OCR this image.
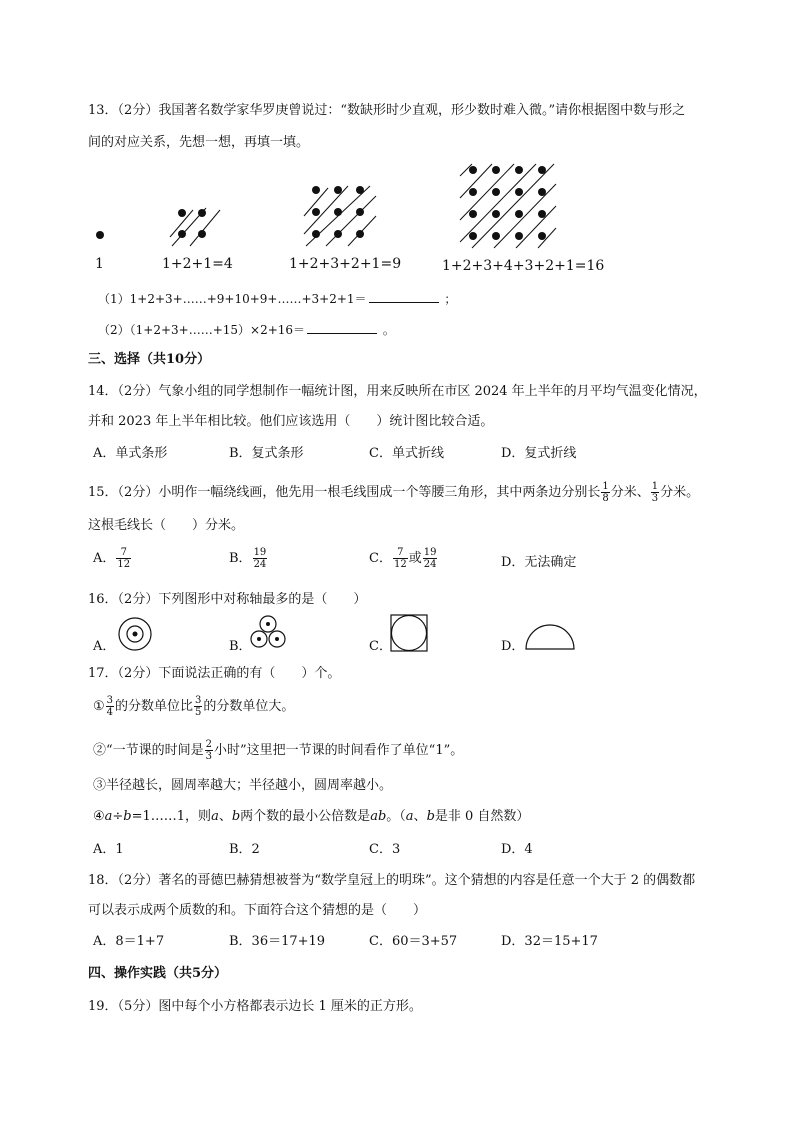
13．（2分）我国著名数学家华罗庚曾说过：“数缺形时少直观，形少数时难入微。”请你根据图中数与形之
间的对应关系，先想一想，再填一填。
1	1+2+1=4	1+2+3+2+1=9	1+2+3+4+3+2+1=16
（1）1+2+3+……+9+10+9+……+3+2+1＝	；
（2）（1+2+3+……+15）×2+16＝	。
三、选择（共10分）
14．（2分）气象小组的同学想制作一幅统计图，用来反映所在市区 2024 年上半年的月平均气温变化情况，
并和 2023 年上半年相比较。他们应该选用（　　）统计图比较合适。
A．单式条形	B．复式条形	C．单式折线	D．复式折线
15．（2分）小明作一幅绕线画，他先用一根毛线围成一个等腰三角形，其中两条边分别长 $\frac{1}{8}$ 分米、 $\frac{1}{3}$ 分米。
这根毛线长（　　）分米。
A． $\frac{7}{12}$	B． $\frac{19}{24}$	C． $\frac{7}{12}$ 或 $\frac{19}{24}$	D．无法确定
16．（2分）下列图形中对称轴最多的是（　　）
A．	B．	C．	D．
17．（2分）下面说法正确的有（　　）个。
① $\frac{3}{4}$ 的分数单位比 $\frac{3}{5}$ 的分数单位大。
②“一节课的时间是 $\frac{2}{3}$ 小时”这里把一节课的时间看作了单位“1”。
③半径越长，圆周率越大；半径越小，圆周率越小。
④a÷b=1……1，则a、b两个数的最小公倍数是ab。（a、b是非 0 自然数）
A．1	B．2	C．3	D．4
18．（2分）著名的哥德巴赫猜想被誉为“数学皇冠上的明珠”。这个猜想的内容是任意一个大于 2 的偶数都
可以表示成两个质数的和。下面符合这个猜想的是（　　）
A．8＝1+7	B．36＝17+19	C．60＝3+57	D．32＝15+17
四、操作实践（共5分）
19．（5分）图中每个小方格都表示边长 1 厘米的正方形。
